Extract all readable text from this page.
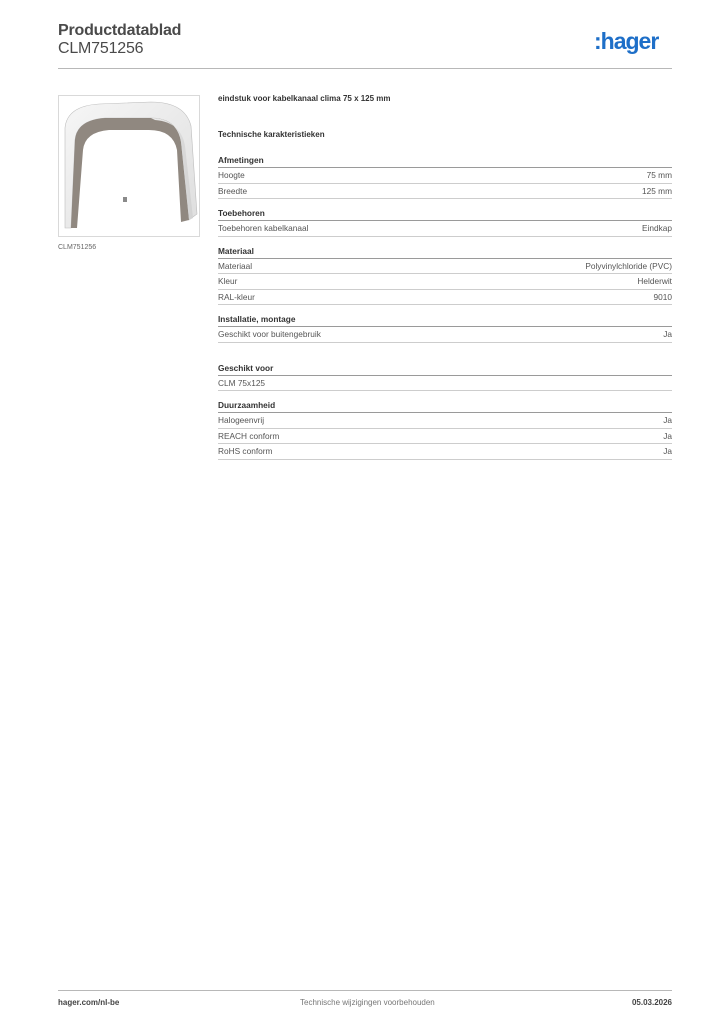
Productdatablad
CLM751256	:hager
CLM751256
eindstuk voor kabelkanaal clima 75 x 125 mm
Technische karakteristieken
Afmetingen
Hoogte	75 mm
Breedte	125 mm
Toebehoren
Toebehoren kabelkanaal	Eindkap
Materiaal
Materiaal	Polyvinylchloride (PVC)
Kleur	Helderwit
RAL-kleur	9010
Installatie, montage
Geschikt voor buitengebruik	Ja
Geschikt voor
CLM 75x125
Duurzaamheid
Halogeenvrij	Ja
REACH conform	Ja
RoHS conform	Ja
hager.com/nl-be	Technische wijzigingen voorbehouden	05.03.2026
